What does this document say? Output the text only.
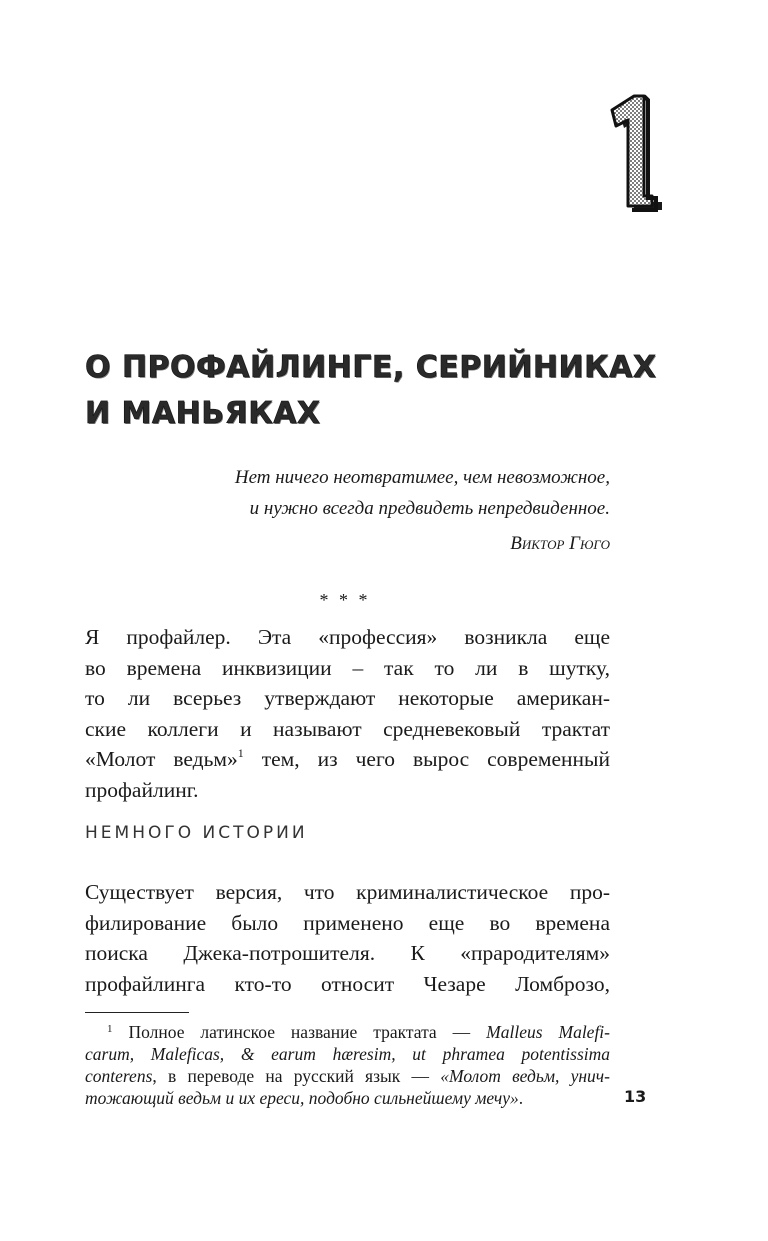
О ПРОФАЙЛИНГЕ, СЕРИЙНИКАХ
И МАНЬЯКАХ
Нет ничего неотвратимее, чем невозможное,
и нужно всегда предвидеть непредвиденное.
Виктор Гюго
* * *

Я профайлер. Эта «профессия» возникла еще
во времена инквизиции – так то ли в шутку,
то ли всерьез утверждают некоторые американ-
ские коллеги и называют средневековый трактат
«Молот ведьм»$^1$ тем, из чего вырос современный
профайлинг.

НЕМНОГО ИСТОРИИ

Существует версия, что криминалистическое про-
филирование было применено еще во времена
поиска Джека-потрошителя. К «прародителям»
профайлинга кто-то относит Чезаре Ломброзо,

$^1$ Полное латинское название трактата — Malleus Malefi-
carum, Maleficas, & earum hæresim, ut phramea potentissima
conterens, в переводе на русский язык — «Молот ведьм, унич-
тожающий ведьм и их ереси, подобно сильнейшему мечу».	13
